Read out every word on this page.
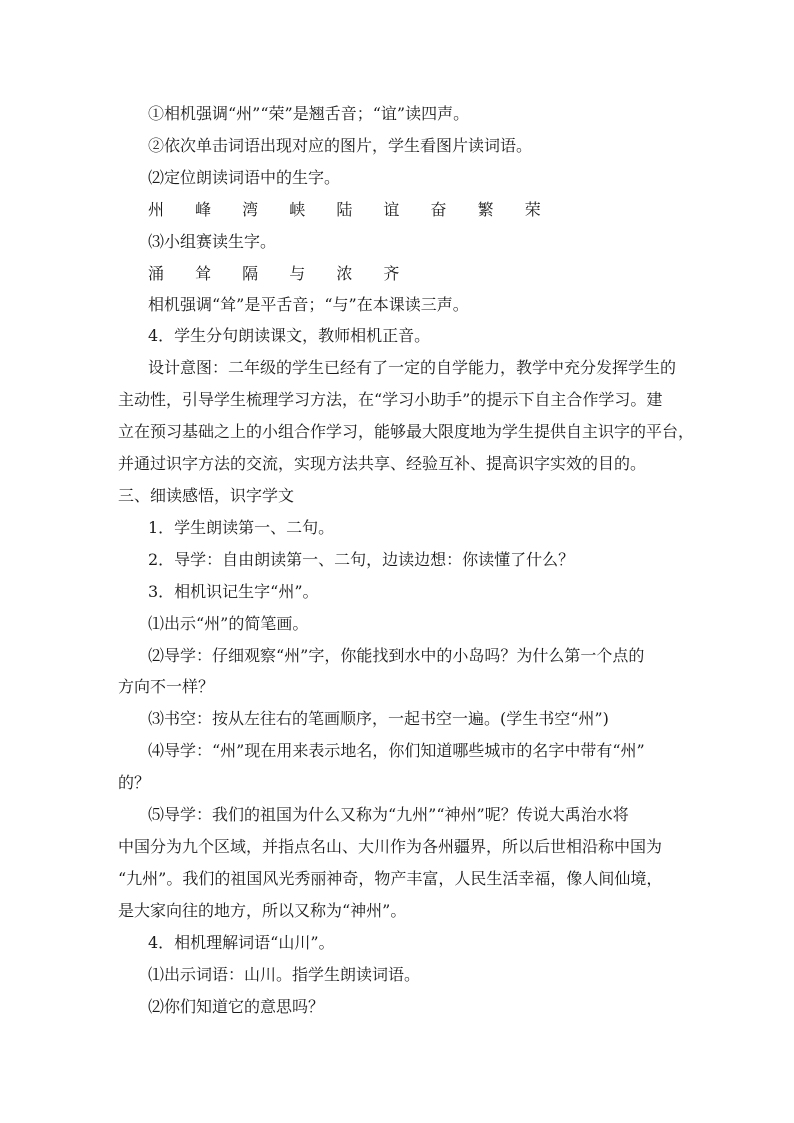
①相机强调“州”“荣”是翘舌音；“谊”读四声。
②依次单击词语出现对应的图片，学生看图片读词语。
⑵定位朗读词语中的生字。
州 峰 湾 峡 陆 谊 奋 繁 荣
⑶小组赛读生字。
涌 耸 隔 与 浓 齐
相机强调“耸”是平舌音；“与”在本课读三声。
4．学生分句朗读课文，教师相机正音。
设计意图：二年级的学生已经有了一定的自学能力，教学中充分发挥学生的
主动性，引导学生梳理学习方法，在“学习小助手”的提示下自主合作学习。建
立在预习基础之上的小组合作学习，能够最大限度地为学生提供自主识字的平台，
并通过识字方法的交流，实现方法共享、经验互补、提高识字实效的目的。
三、细读感悟，识字学文
1．学生朗读第一、二句。
2．导学：自由朗读第一、二句，边读边想：你读懂了什么？
3．相机识记生字“州”。
⑴出示“州”的简笔画。
⑵导学：仔细观察“州”字，你能找到水中的小岛吗？为什么第一个点的
方向不一样？
⑶书空：按从左往右的笔画顺序，一起书空一遍。(学生书空“州”)
⑷导学：“州”现在用来表示地名，你们知道哪些城市的名字中带有“州”
的？
⑸导学：我们的祖国为什么又称为“九州”“神州”呢？传说大禹治水将
中国分为九个区域，并指点名山、大川作为各州疆界，所以后世相沿称中国为
“九州”。我们的祖国风光秀丽神奇，物产丰富，人民生活幸福，像人间仙境，
是大家向往的地方，所以又称为“神州”。
4．相机理解词语“山川”。
⑴出示词语：山川。指学生朗读词语。
⑵你们知道它的意思吗？
